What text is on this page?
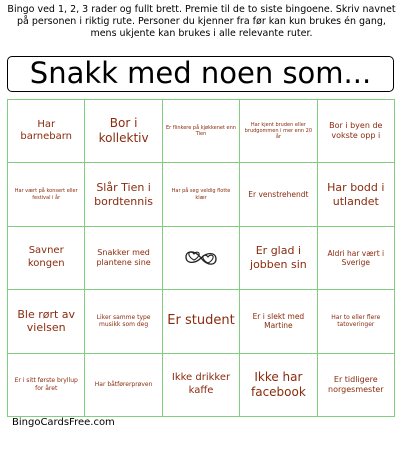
Bingo ved 1, 2, 3 rader og fullt brett. Premie til de to siste bingoene. Skriv navnet
på personen i riktig rute. Personer du kjenner fra før kan kun brukes én gang,
mens ukjente kan brukes i alle relevante ruter.
Snakk med noen som...
Har barnebarn
Bor i kollektiv
Er flinkere på kjøkkenet enn Tien
Har kjent bruden eller brudgommen i mer enn 20 år
Bor i byen de vokste opp i
Har vært på konsert eller festival i år
Slår Tien i bordtennis
Har på seg veldig flotte klær	Er venstrehendt
Har bodd i utlandet
Savner kongen
Snakker med plantene sine
Er glad i jobben sin
Aldri har vært i Sverige
Ble rørt av vielsen
Liker samme type musikk som deg	Er student	Er i slekt med Martine
Har to eller flere tatoveringer
Er i sitt første bryllup for året
Har båtførerprøven
Ikke drikker kaffe
Ikke har facebook
Er tidligere norgesmester
BingoCardsFree.com
